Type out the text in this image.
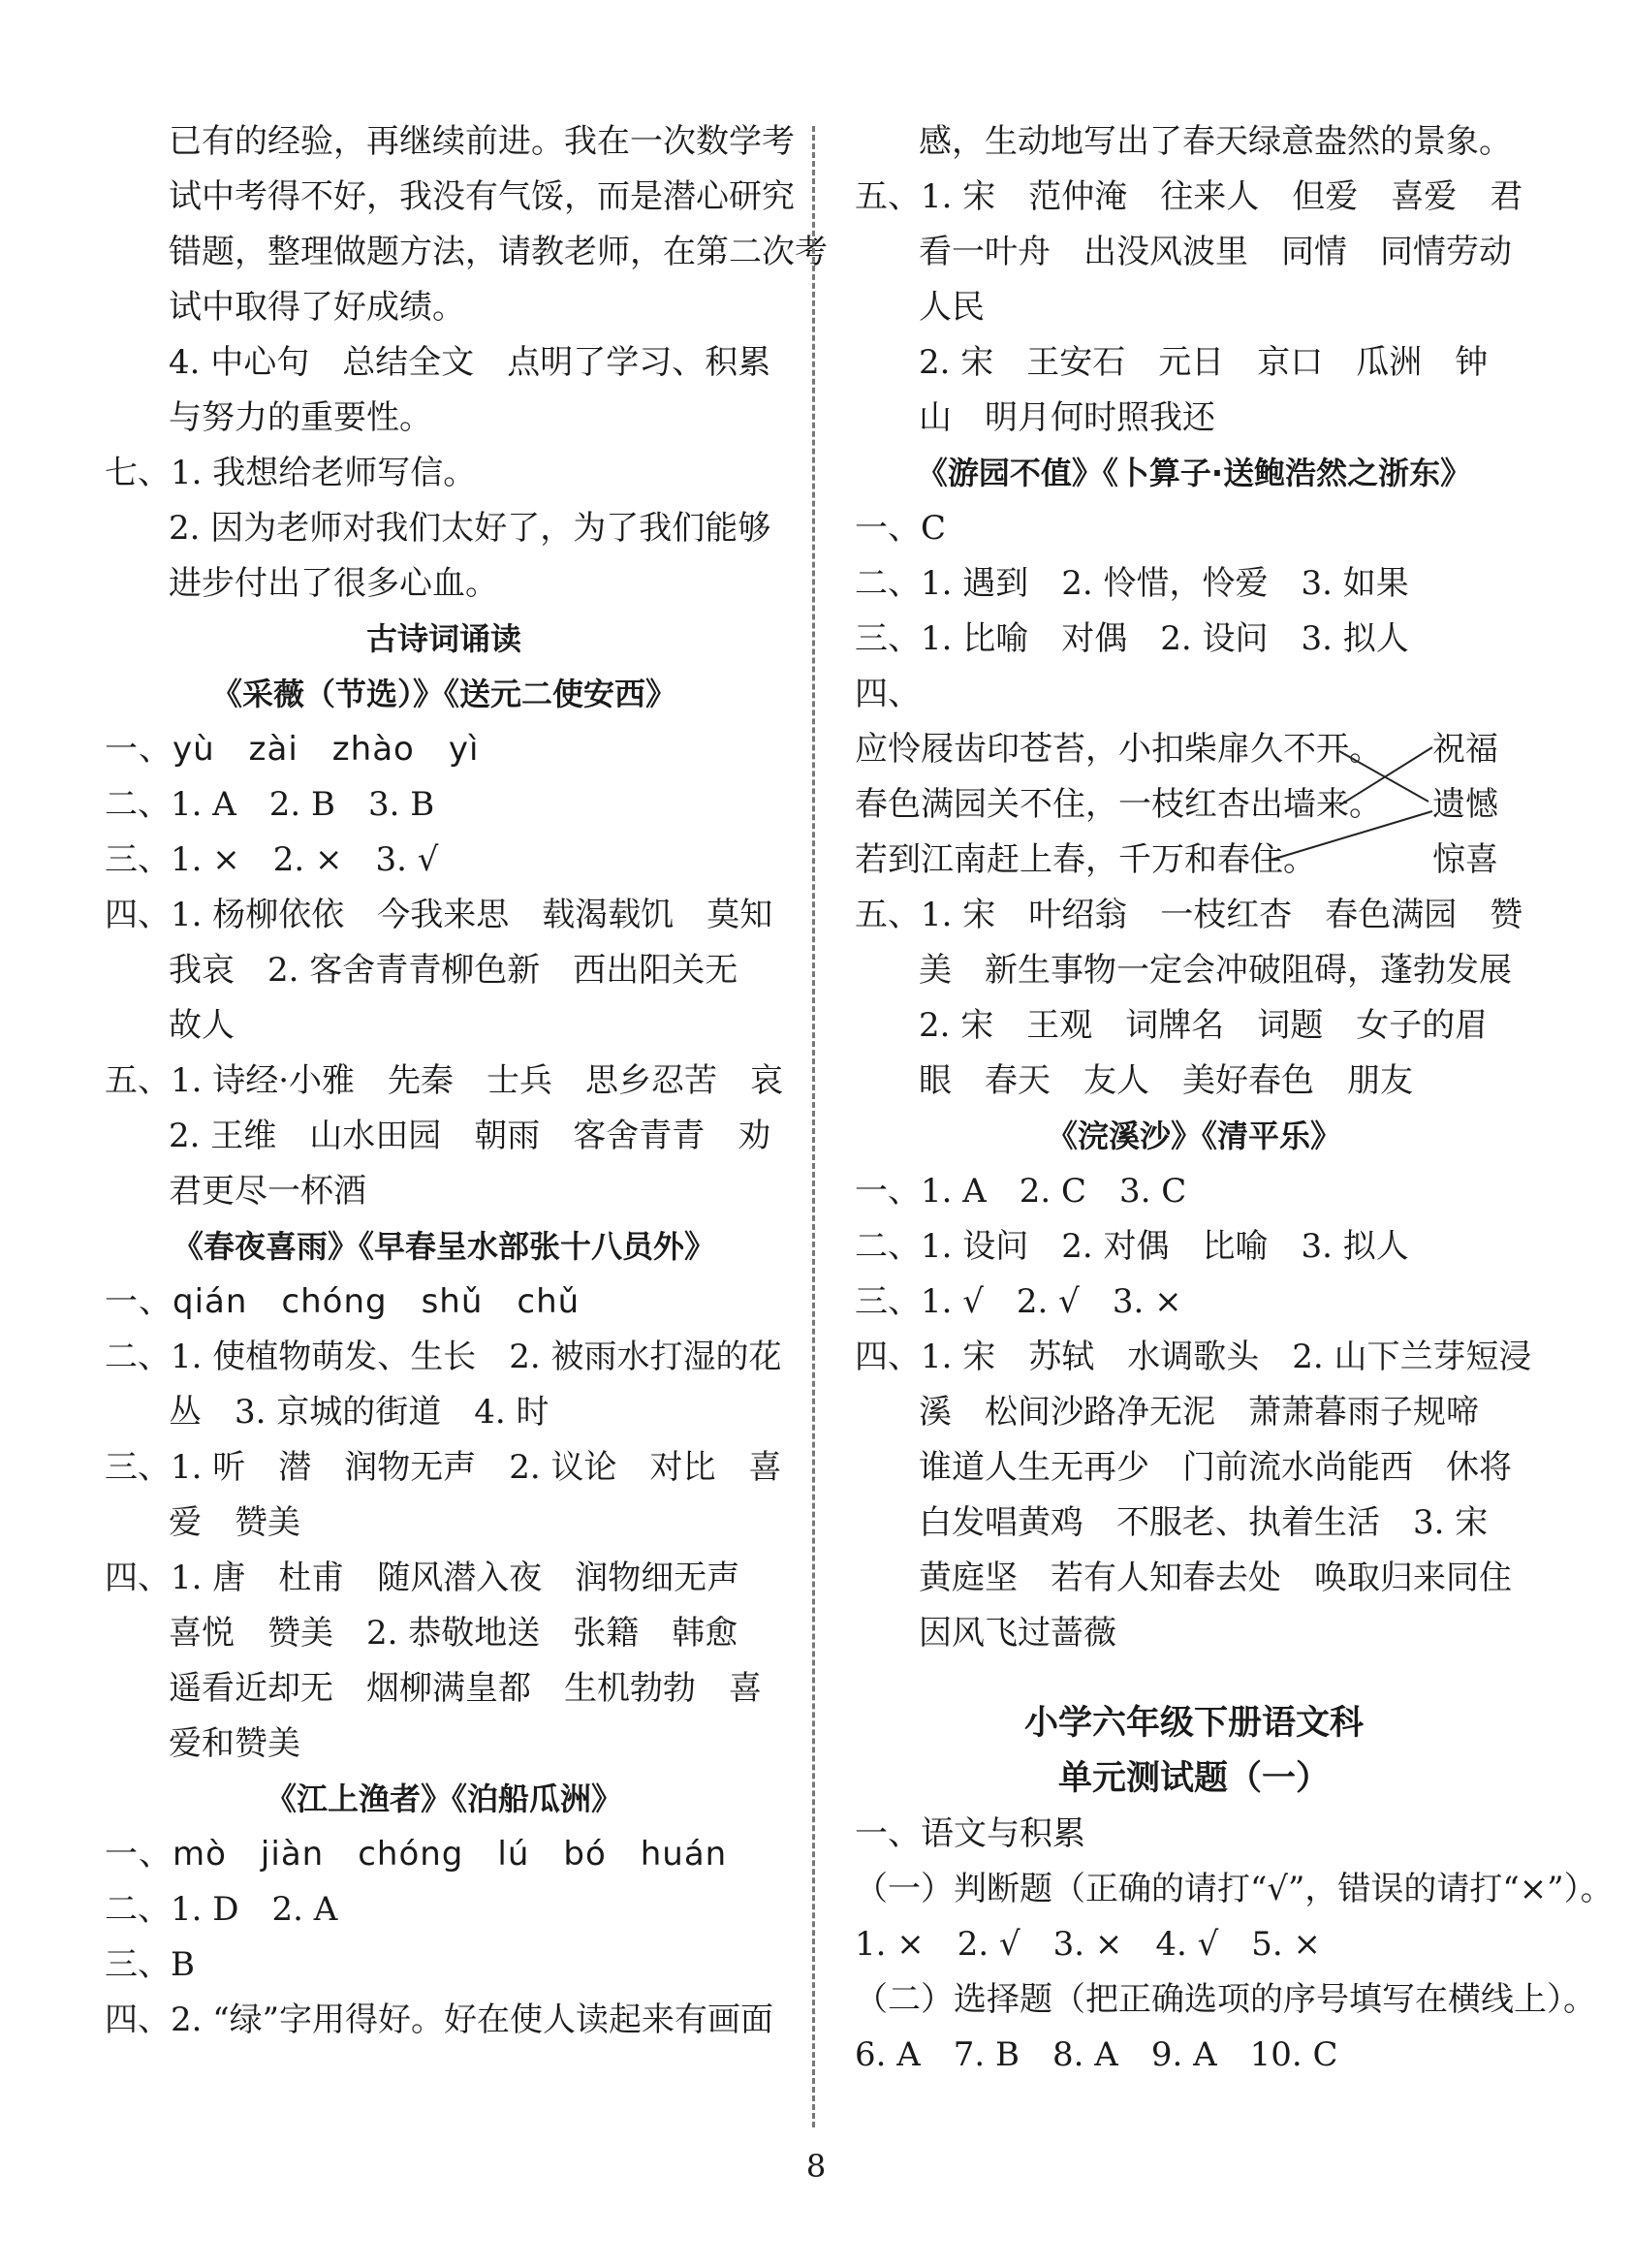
已有的经验，再继续前进。我在一次数学考
试中考得不好，我没有气馁，而是潜心研究
错题，整理做题方法，请教老师，在第二次考
试中取得了好成绩。
4. 中心句　总结全文　点明了学习、积累
与努力的重要性。
七、1. 我想给老师写信。
2. 因为老师对我们太好了，为了我们能够
进步付出了很多心血。
古诗词诵读
《采薇（节选）》《送元二使安西》
一、yù　zài　zhào　yì
二、1. A　2. B　3. B
三、1. ×　2. ×　3. √
四、1. 杨柳依依　今我来思　载渴载饥　莫知
我哀　2. 客舍青青柳色新　西出阳关无
故人
五、1. 诗经·小雅　先秦　士兵　思乡忍苦　哀
2. 王维　山水田园　朝雨　客舍青青　劝
君更尽一杯酒
《春夜喜雨》《早春呈水部张十八员外》
一、qián　chóng　shǔ　chǔ
二、1. 使植物萌发、生长　2. 被雨水打湿的花
丛　3. 京城的街道　4. 时
三、1. 听　潜　润物无声　2. 议论　对比　喜
爱　赞美
四、1. 唐　杜甫　随风潜入夜　润物细无声
喜悦　赞美　2. 恭敬地送　张籍　韩愈
遥看近却无　烟柳满皇都　生机勃勃　喜
爱和赞美
《江上渔者》《泊船瓜洲》
一、mò　jiàn　chóng　lú　bó　huán
二、1. D　2. A
三、B
四、2. “绿”字用得好。好在使人读起来有画面
感，生动地写出了春天绿意盎然的景象。
五、1. 宋　范仲淹　往来人　但爱　喜爱　君
看一叶舟　出没风波里　同情　同情劳动
人民
2. 宋　王安石　元日　京口　瓜洲　钟
山　明月何时照我还
《游园不值》《卜算子·送鲍浩然之浙东》
一、C
二、1. 遇到　2. 怜惜，怜爱　3. 如果
三、1. 比喻　对偶　2. 设问　3. 拟人
四、
应怜屐齿印苍苔，小扣柴扉久不开。
春色满园关不住，一枝红杏出墙来。
若到江南赶上春，千万和春住。
祝福
遗憾
惊喜
五、1. 宋　叶绍翁　一枝红杏　春色满园　赞
美　新生事物一定会冲破阻碍，蓬勃发展
2. 宋　王观　词牌名　词题　女子的眉
眼　春天　友人　美好春色　朋友
《浣溪沙》《清平乐》
一、1. A　2. C　3. C
二、1. 设问　2. 对偶　比喻　3. 拟人
三、1. √　2. √　3. ×
四、1. 宋　苏轼　水调歌头　2. 山下兰芽短浸
溪　松间沙路净无泥　萧萧暮雨子规啼
谁道人生无再少　门前流水尚能西　休将
白发唱黄鸡　不服老、执着生活　3. 宋
黄庭坚　若有人知春去处　唤取归来同住
因风飞过蔷薇
小学六年级下册语文科
单元测试题（一）
一、语文与积累
（一）判断题（正确的请打“√”，错误的请打“×”）。
1. ×　2. √　3. ×　4. √　5. ×
（二）选择题（把正确选项的序号填写在横线上）。
6. A　7. B　8. A　9. A　10. C
8
